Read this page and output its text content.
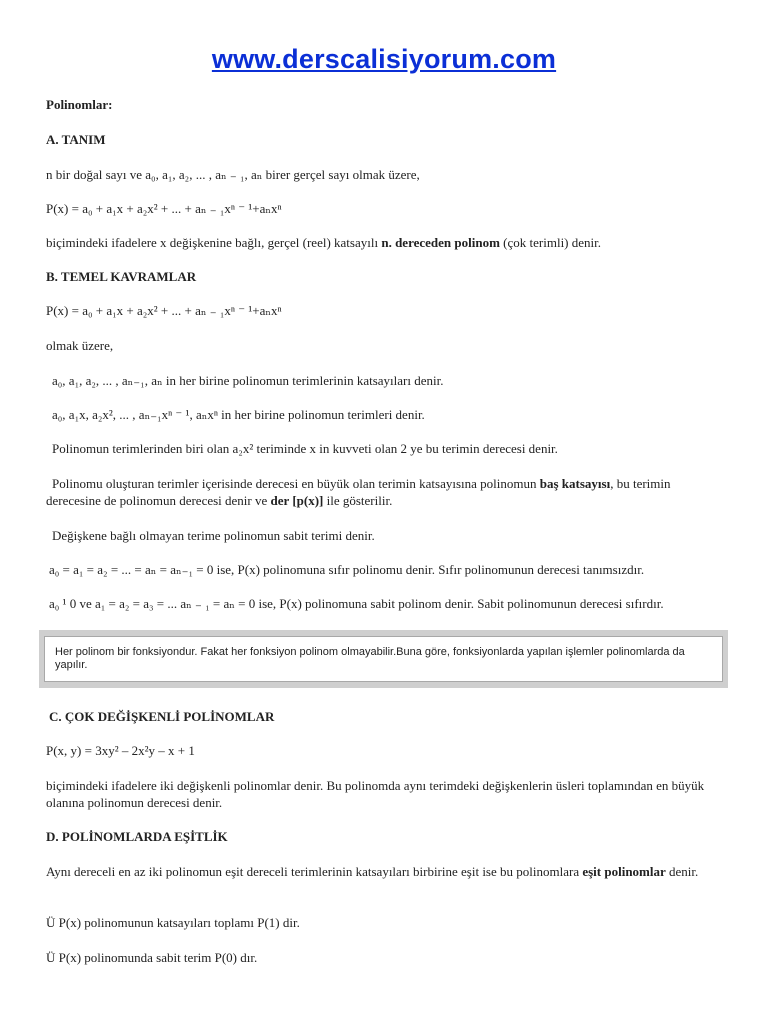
www.derscalisiyorum.com
Polinomlar:
A. TANIM
n bir doğal sayı ve a₀, a₁, a₂, ... , aₙ ₋ ₁, aₙ birer gerçel sayı olmak üzere,
P(x) = a₀ + a₁x + a₂x² + ... + aₙ ₋ ₁xⁿ ⁻ ¹+aₙxⁿ
biçimindeki ifadelere x değişkenine bağlı, gerçel (reel) katsayılı n. dereceden polinom (çok terimli) denir.
B. TEMEL KAVRAMLAR
P(x) = a₀ + a₁x + a₂x² + ... + aₙ ₋ ₁xⁿ ⁻ ¹+aₙxⁿ
olmak üzere,
a₀, a₁, a₂, ... , aₙ₋₁, aₙ in her birine polinomun terimlerinin katsayıları denir.
a₀, a₁x, a₂x², ... , aₙ₋₁xⁿ ⁻ ¹, aₙxⁿ in her birine polinomun terimleri denir.
Polinomun terimlerinden biri olan a₂x² teriminde x in kuvveti olan 2 ye bu terimin derecesi denir.
Polinomu oluşturan terimler içerisinde derecesi en büyük olan terimin katsayısına polinomun baş katsayısı, bu terimin derecesine de polinomun derecesi denir ve der [p(x)] ile gösterilir.
Değişkene bağlı olmayan terime polinomun sabit terimi denir.
a₀ = a₁ = a₂ = ... = aₙ = aₙ₋₁ = 0 ise, P(x) polinomuna sıfır polinomu denir. Sıfır polinomunun derecesi tanımsızdır.
a₀ ¹ 0 ve a₁ = a₂ = a₃ = ... aₙ ₋ ₁ = aₙ = 0 ise, P(x) polinomuna sabit polinom denir. Sabit polinomunun derecesi sıfırdır.
Her polinom bir fonksiyondur. Fakat her fonksiyon polinom olmayabilir.Buna göre, fonksiyonlarda yapılan işlemler polinomlarda da yapılır.
C. ÇOK DEĞİŞKENLİ POLİNOMLAR
P(x, y) = 3xy² – 2x²y – x + 1
biçimindeki ifadelere iki değişkenli polinomlar denir. Bu polinomda aynı terimdeki değişkenlerin üsleri toplamından en büyük olanına polinomun derecesi denir.
D. POLİNOMLARDA EŞİTLİK
Aynı dereceli en az iki polinomun eşit dereceli terimlerinin katsayıları birbirine eşit ise bu polinomlara eşit polinomlar denir.
Ü P(x) polinomunun katsayıları toplamı P(1) dir.
Ü P(x) polinomunda sabit terim P(0) dır.
